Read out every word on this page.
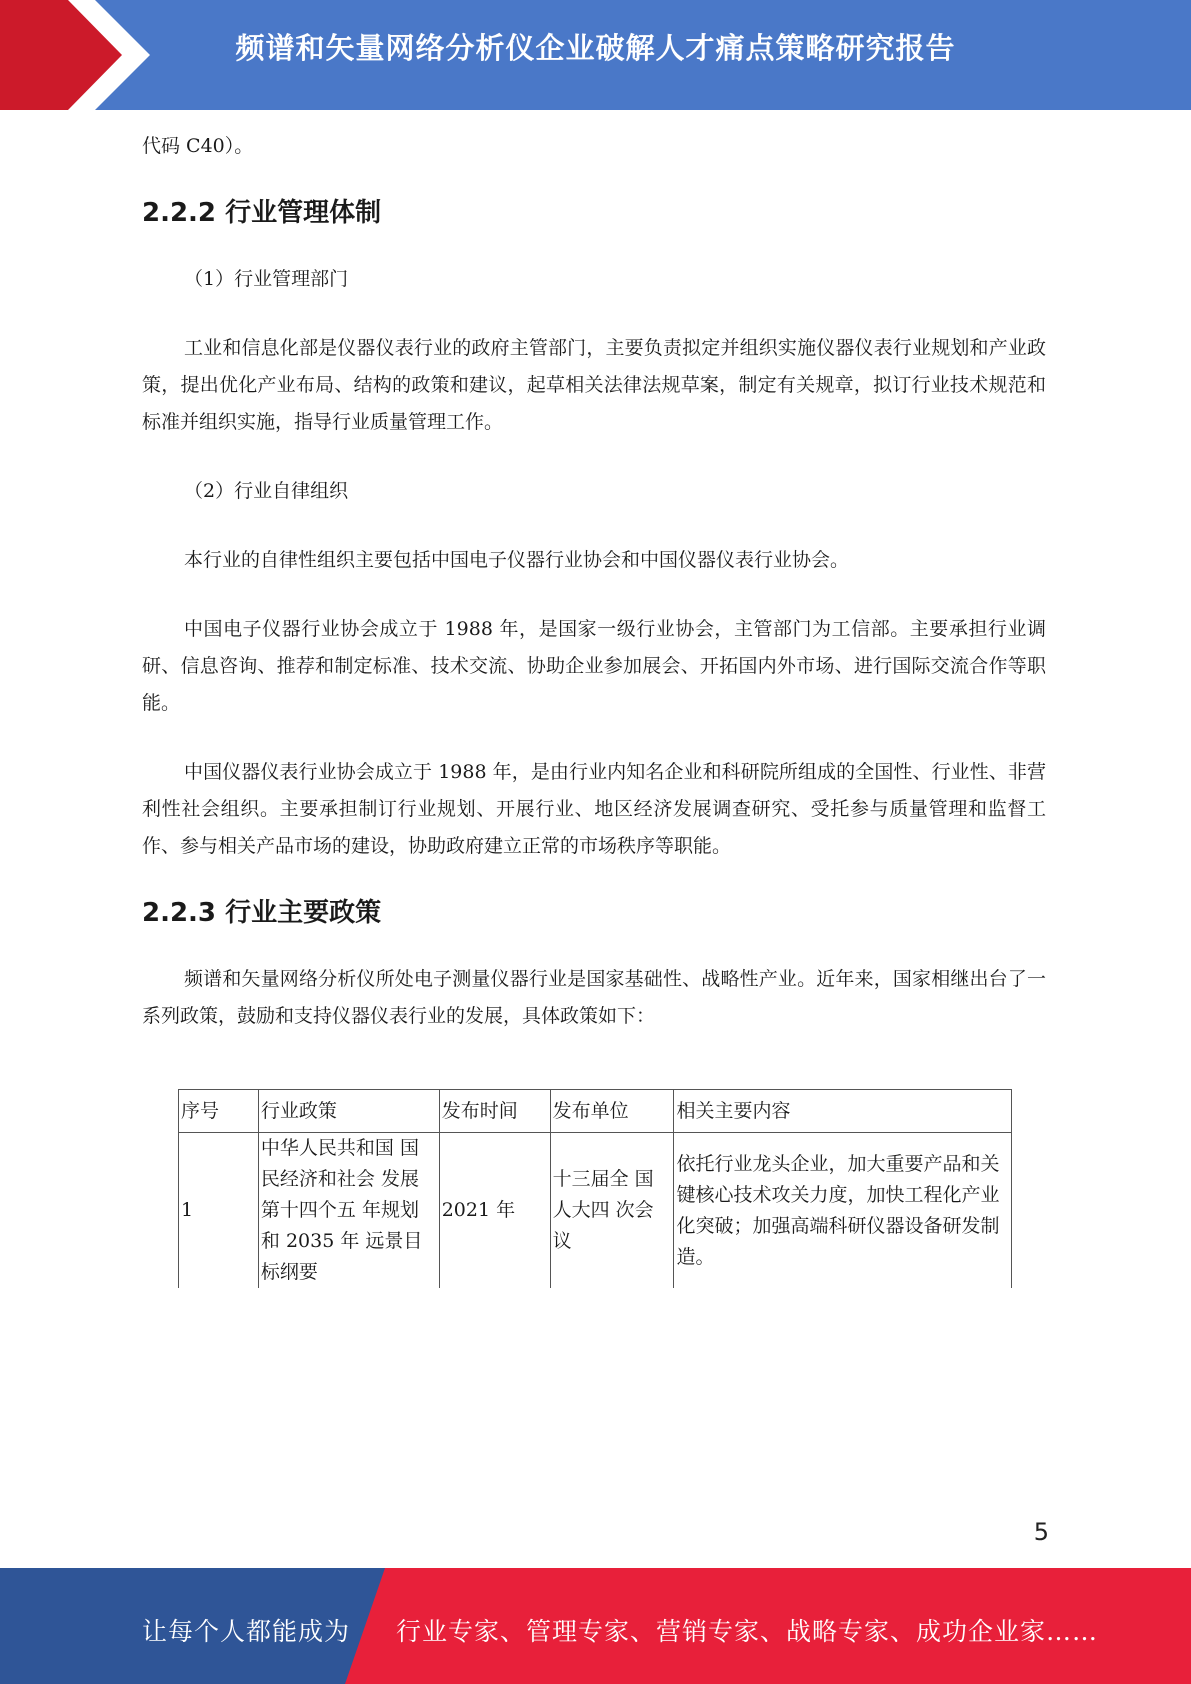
频谱和矢量网络分析仪企业破解人才痛点策略研究报告

代码 C40）。

2.2.2 行业管理体制

（1）行业管理部门

工业和信息化部是仪器仪表行业的政府主管部门，主要负责拟定并组织实施仪器仪表行业规划和产业政策，提出优化产业布局、结构的政策和建议，起草相关法律法规草案，制定有关规章，拟订行业技术规范和标准并组织实施，指导行业质量管理工作。

（2）行业自律组织

本行业的自律性组织主要包括中国电子仪器行业协会和中国仪器仪表行业协会。

中国电子仪器行业协会成立于 1988 年，是国家一级行业协会，主管部门为工信部。主要承担行业调研、信息咨询、推荐和制定标准、技术交流、协助企业参加展会、开拓国内外市场、进行国际交流合作等职能。

中国仪器仪表行业协会成立于 1988 年，是由行业内知名企业和科研院所组成的全国性、行业性、非营利性社会组织。主要承担制订行业规划、开展行业、地区经济发展调查研究、受托参与质量管理和监督工作、参与相关产品市场的建设，协助政府建立正常的市场秩序等职能。

2.2.3 行业主要政策

频谱和矢量网络分析仪所处电子测量仪器行业是国家基础性、战略性产业。近年来，国家相继出台了一系列政策，鼓励和支持仪器仪表行业的发展，具体政策如下：

序号	行业政策	发布时间	发布单位	相关主要内容
1	中华人民共和国 国民经济和社会 发展第十四个五 年规划和 2035 年 远景目标纲要	2021 年	十三届全 国人大四 次会议	依托行业龙头企业，加大重要产品和关键核心技术攻关力度，加快工程化产业化突破；加强高端科研仪器设备研发制造。
5
让每个人都能成为 行业专家、管理专家、营销专家、战略专家、成功企业家……
